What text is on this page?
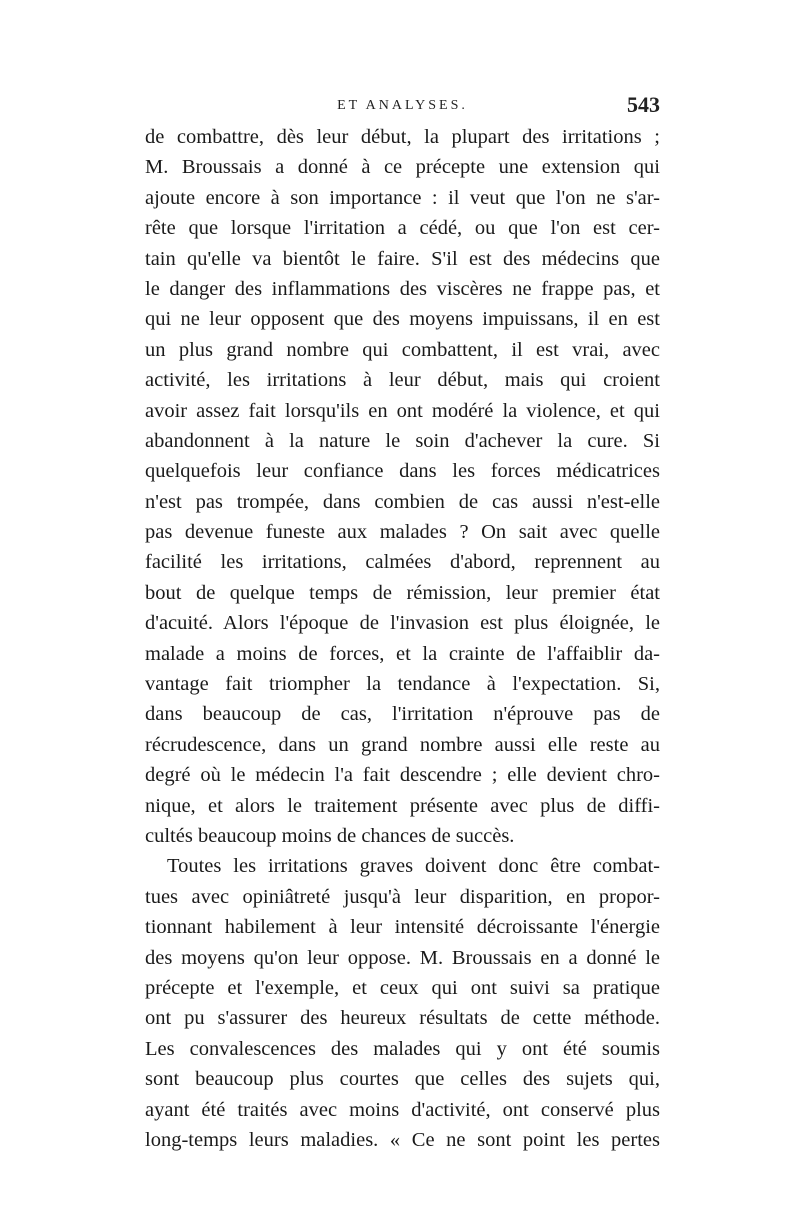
ET ANALYSES.	543
de combattre, dès leur début, la plupart des irritations ;
M. Broussais a donné à ce précepte une extension qui
ajoute encore à son importance : il veut que l'on ne s'ar-
rête que lorsque l'irritation a cédé, ou que l'on est cer-
tain qu'elle va bientôt le faire. S'il est des médecins que
le danger des inflammations des viscères ne frappe pas, et
qui ne leur opposent que des moyens impuissans, il en est
un plus grand nombre qui combattent, il est vrai, avec
activité, les irritations à leur début, mais qui croient
avoir assez fait lorsqu'ils en ont modéré la violence, et qui
abandonnent à la nature le soin d'achever la cure. Si
quelquefois leur confiance dans les forces médicatrices
n'est pas trompée, dans combien de cas aussi n'est-elle
pas devenue funeste aux malades ? On sait avec quelle
facilité les irritations, calmées d'abord, reprennent au
bout de quelque temps de rémission, leur premier état
d'acuité. Alors l'époque de l'invasion est plus éloignée, le
malade a moins de forces, et la crainte de l'affaiblir da-
vantage fait triompher la tendance à l'expectation. Si,
dans beaucoup de cas, l'irritation n'éprouve pas de
récrudescence, dans un grand nombre aussi elle reste au
degré où le médecin l'a fait descendre ; elle devient chro-
nique, et alors le traitement présente avec plus de diffi-
cultés beaucoup moins de chances de succès.
Toutes les irritations graves doivent donc être combat-
tues avec opiniâtreté jusqu'à leur disparition, en propor-
tionnant habilement à leur intensité décroissante l'énergie
des moyens qu'on leur oppose. M. Broussais en a donné le
précepte et l'exemple, et ceux qui ont suivi sa pratique
ont pu s'assurer des heureux résultats de cette méthode.
Les convalescences des malades qui y ont été soumis
sont beaucoup plus courtes que celles des sujets qui,
ayant été traités avec moins d'activité, ont conservé plus
long-temps leurs maladies. « Ce ne sont point les pertes
